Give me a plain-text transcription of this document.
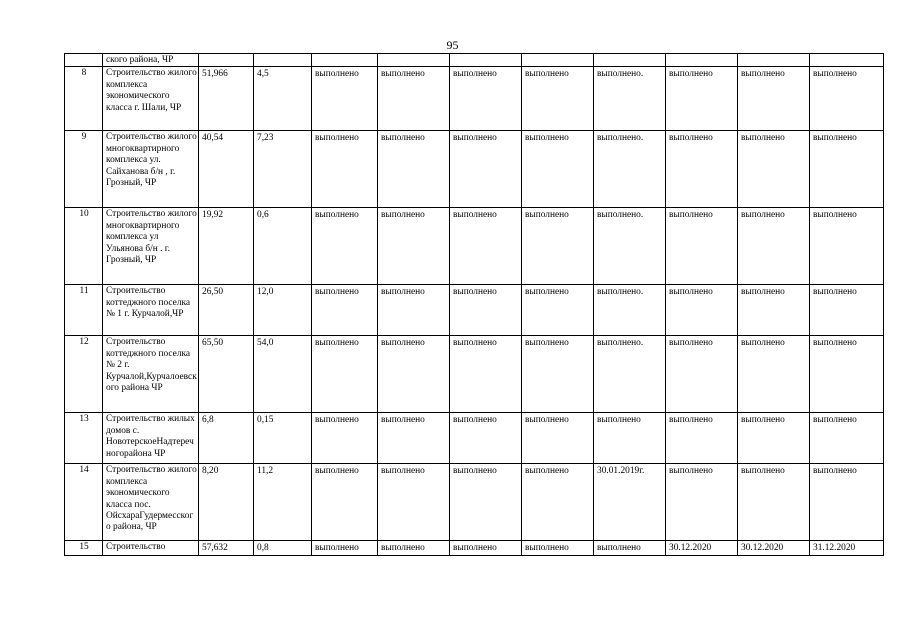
95
	ского района, ЧР										
8	Строительство жилого комплекса экономического класса г. Шали, ЧР	51,966	4,5	выполнено	выполнено	выполнено	выполнено	выполнено.	выполнено	выполнено	выполнено
9	Строительство жилого многоквартирного комплекса ул. Сайханова б/н , г. Грозный, ЧР	40,54	7,23	выполнено	выполнено	выполнено	выполнено	выполнено.	выполнено	выполнено	выполнено
10	Строительство жилого многоквартирного комплекса ул Ульянова б/н . г. Грозный, ЧР	19,92	0,6	выполнено	выполнено	выполнено	выполнено	выполнено.	выполнено	выполнено	выполнено
11	Строительство коттеджного поселка № 1 г. Курчалой,ЧР	26,50	12,0	выполнено	выполнено	выполнено	выполнено	выполнено.	выполнено	выполнено	выполнено
12	Строительство коттеджного поселка № 2 г. Курчалой,Курчалоевского района ЧР	65,50	54,0	выполнено	выполнено	выполнено	выполнено	выполнено.	выполнено	выполнено	выполнено
13	Строительство жилых домов с. НовотерскоеНадтеречногорайона ЧР	6,8	0,15	выполнено	выполнено	выполнено	выполнено	выполнено	выполнено	выполнено	выполнено
14	Строительство жилого комплекса экономического класса пос. ОйсхараГудермесского района, ЧР	8,20	11,2	выполнено	выполнено	выполнено	выполнено	30.01.2019г.	выполнено	выполнено	выполнено
15	Строительство	57,632	0,8	выполнено	выполнено	выполнено	выполнено	выполнено	30.12.2020	30.12.2020	31.12.2020
